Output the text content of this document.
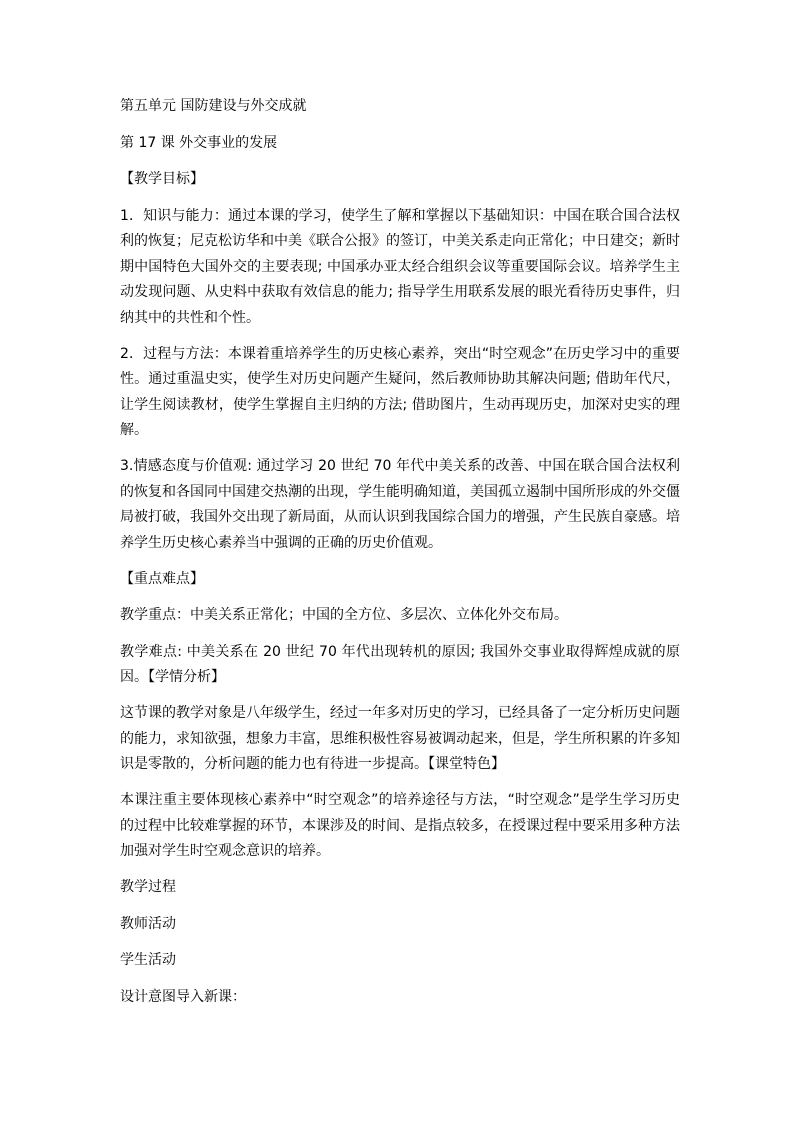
第五单元 国防建设与外交成就

第 17 课 外交事业的发展

【教学目标】

1．知识与能力：通过本课的学习，使学生了解和掌握以下基础知识：中国在联合国合法权利的恢复；尼克松访华和中美《联合公报》的签订，中美关系走向正常化；中日建交；新时期中国特色大国外交的主要表现; 中国承办亚太经合组织会议等重要国际会议。培养学生主动发现问题、从史料中获取有效信息的能力; 指导学生用联系发展的眼光看待历史事件，归纳其中的共性和个性。

2．过程与方法：本课着重培养学生的历史核心素养，突出“时空观念”在历史学习中的重要性。通过重温史实，使学生对历史问题产生疑问，然后教师协助其解决问题; 借助年代尺，让学生阅读教材，使学生掌握自主归纳的方法; 借助图片，生动再现历史，加深对史实的理解。

3.情感态度与价值观: 通过学习 20 世纪 70 年代中美关系的改善、中国在联合国合法权利的恢复和各国同中国建交热潮的出现，学生能明确知道，美国孤立遏制中国所形成的外交僵局被打破，我国外交出现了新局面，从而认识到我国综合国力的增强，产生民族自豪感。培养学生历史核心素养当中强调的正确的历史价值观。

【重点难点】

教学重点：中美关系正常化；中国的全方位、多层次、立体化外交布局。

教学难点: 中美关系在 20 世纪 70 年代出现转机的原因; 我国外交事业取得辉煌成就的原因。【学情分析】

这节课的教学对象是八年级学生，经过一年多对历史的学习，已经具备了一定分析历史问题的能力，求知欲强，想象力丰富，思维积极性容易被调动起来，但是，学生所积累的许多知识是零散的，分析问题的能力也有待进一步提高。【课堂特色】

本课注重主要体现核心素养中“时空观念”的培养途径与方法，“时空观念”是学生学习历史的过程中比较难掌握的环节，本课涉及的时间、是指点较多，在授课过程中要采用多种方法加强对学生时空观念意识的培养。

教学过程

教师活动

学生活动

设计意图导入新课：
